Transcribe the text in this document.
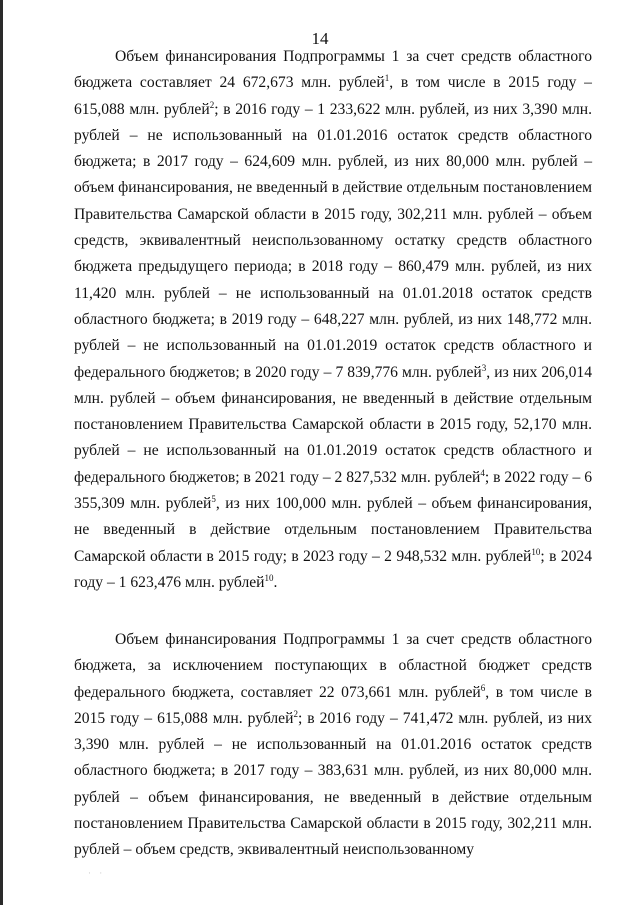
14

Объем финансирования Подпрограммы 1 за счет средств областного бюджета составляет 24 672,673 млн. рублей$^1$, в том числе в 2015 году – 615,088 млн. рублей$^2$; в 2016 году – 1 233,622 млн. рублей, из них 3,390 млн. рублей – не использованный на 01.01.2016 остаток средств областного бюджета; в 2017 году – 624,609 млн. рублей, из них 80,000 млн. рублей – объем финансирования, не введенный в действие отдельным постановлением Правительства Самарской области в 2015 году, 302,211 млн. рублей – объем средств, эквивалентный неиспользованному остатку средств областного бюджета предыдущего периода; в 2018 году – 860,479 млн. рублей, из них 11,420 млн. рублей – не использованный на 01.01.2018 остаток средств областного бюджета; в 2019 году – 648,227 млн. рублей, из них 148,772 млн. рублей – не использованный на 01.01.2019 остаток средств областного и федерального бюджетов; в 2020 году – 7 839,776 млн. рублей$^3$, из них 206,014 млн. рублей – объем финансирования, не введенный в действие отдельным постановлением Правительства Самарской области в 2015 году, 52,170 млн. рублей – не использованный на 01.01.2019 остаток средств областного и федерального бюджетов; в 2021 году – 2 827,532 млн. рублей$^4$; в 2022 году – 6 355,309 млн. рублей$^5$, из них 100,000 млн. рублей – объем финансирования, не введенный в действие отдельным постановлением Правительства Самарской области в 2015 году; в 2023 году – 2 948,532 млн. рублей$^{10}$; в 2024 году – 1 623,476 млн. рублей$^{10}$.

Объем финансирования Подпрограммы 1 за счет средств областного бюджета, за исключением поступающих в областной бюджет средств федерального бюджета, составляет 22 073,661 млн. рублей$^6$, в том числе в 2015 году – 615,088 млн. рублей$^2$; в 2016 году – 741,472 млн. рублей, из них 3,390 млн. рублей – не использованный на 01.01.2016 остаток средств областного бюджета; в 2017 году – 383,631 млн. рублей, из них 80,000 млн. рублей – объем финансирования, не введенный в действие отдельным постановлением Правительства Самарской области в 2015 году, 302,211 млн. рублей – объем средств, эквивалентный неиспользованному

· ·
